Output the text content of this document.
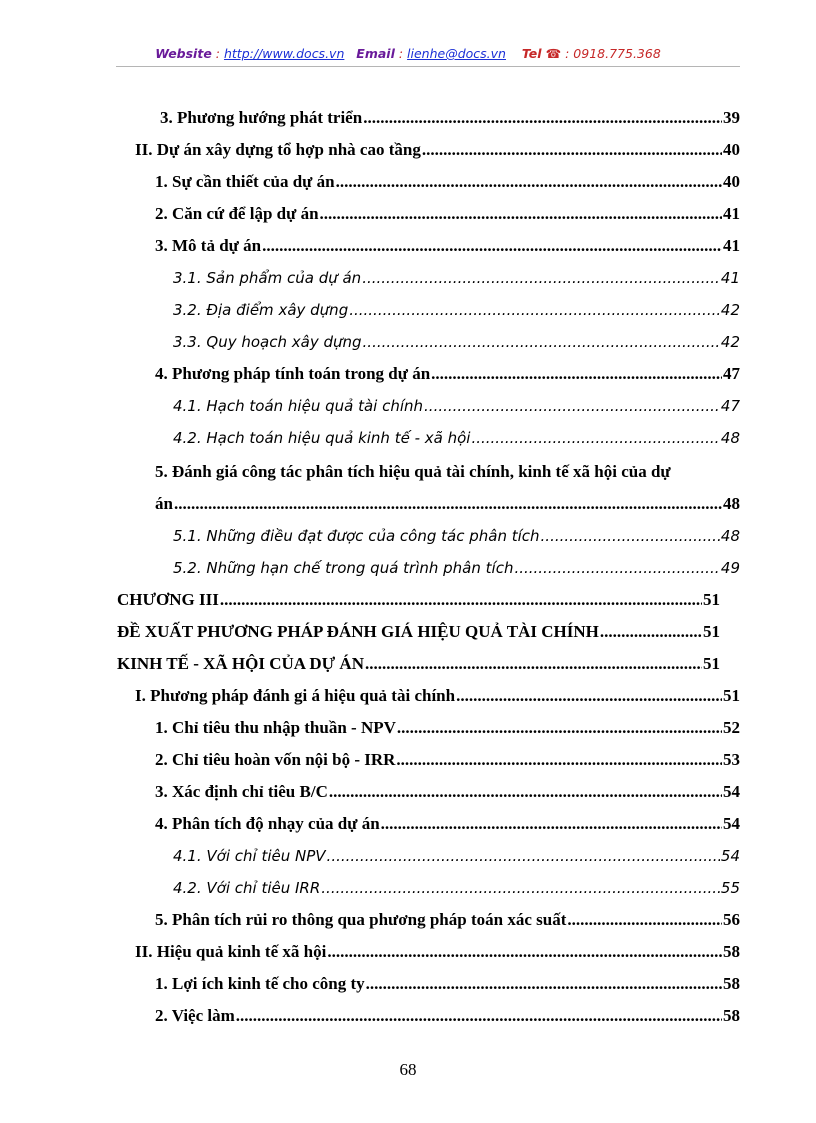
Website : http://www.docs.vn Email : lienhe@docs.vn Tel ☎ : 0918.775.368
3. Phương hướng phát triển .....	39
II. Dự án xây dựng tổ hợp nhà cao tầng .....	40
1. Sự cần thiết của dự án .....	40
2. Căn cứ để lập dự án .....	41
3. Mô tả dự án .....	41
3.1. Sản phẩm của dự án .....	41
3.2. Địa điểm xây dựng .....	42
3.3. Quy hoạch xây dựng .....	42
4. Phương pháp tính toán trong dự án .....	47
4.1. Hạch toán hiệu quả tài chính .....	47
4.2. Hạch toán hiệu quả kinh tế - xã hội .....	48
5. Đánh giá công tác phân tích hiệu quả tài chính, kinh tế xã hội của dự
án .....	48
5.1. Những điều đạt được của công tác phân tích .....	48
5.2. Những hạn chế trong quá trình phân tích .....	49
CHƯƠNG III .....	51
ĐỀ XUẤT PHƯƠNG PHÁP ĐÁNH GIÁ HIỆU QUẢ TÀI CHÍNH .....	51
KINH TẾ - XÃ HỘI CỦA DỰ ÁN .....	51
I. Phương pháp đánh gi á hiệu quả tài chính .....	51
1. Chỉ tiêu thu nhập thuần - NPV .....	52
2. Chỉ tiêu hoàn vốn nội bộ - IRR .....	53
3. Xác định chỉ tiêu B/C .....	54
4. Phân tích độ nhạy của dự án .....	54
4.1. Với chỉ tiêu NPV .....	54
4.2. Với chỉ tiêu IRR .....	55
5. Phân tích rủi ro thông qua phương pháp toán xác suất .....	56
II. Hiệu quả kinh tế xã hội .....	58
1. Lợi ích kinh tế cho công ty .....	58
2. Việc làm .....	58
68
